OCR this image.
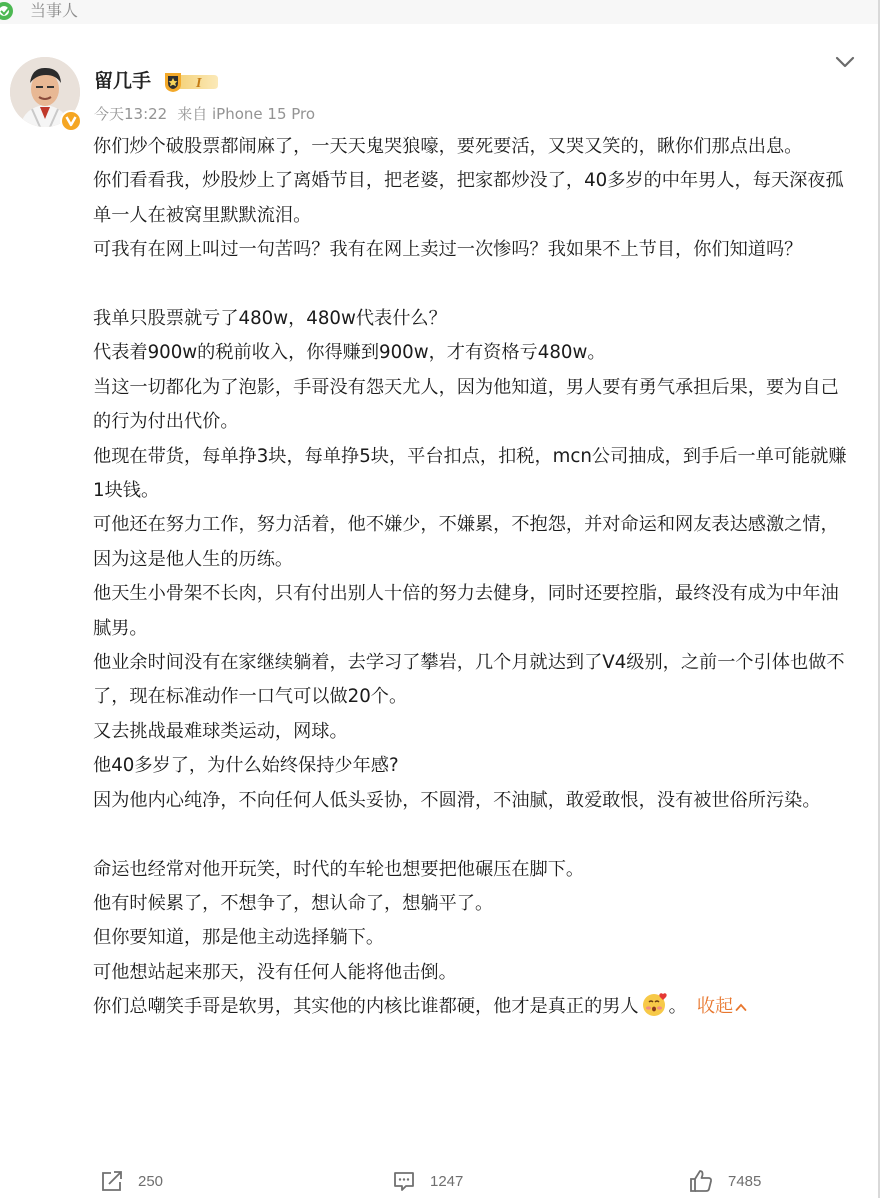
当事人
留几手	I
今天13:22 来自 iPhone 15 Pro

你们炒个破股票都闹麻了，一天天鬼哭狼嚎，要死要活，又哭又笑的，瞅你们那点出息。

你们看看我，炒股炒上了离婚节目，把老婆，把家都炒没了，40多岁的中年男人，每天深夜孤单一人在被窝里默默流泪。

可我有在网上叫过一句苦吗？我有在网上卖过一次惨吗？我如果不上节目，你们知道吗？

我单只股票就亏了480w，480w代表什么？

代表着900w的税前收入，你得赚到900w，才有资格亏480w。

当这一切都化为了泡影，手哥没有怨天尤人，因为他知道，男人要有勇气承担后果，要为自己的行为付出代价。

他现在带货，每单挣3块，每单挣5块，平台扣点，扣税，mcn公司抽成，到手后一单可能就赚1块钱。

可他还在努力工作，努力活着，他不嫌少，不嫌累，不抱怨，并对命运和网友表达感激之情，因为这是他人生的历练。

他天生小骨架不长肉，只有付出别人十倍的努力去健身，同时还要控脂，最终没有成为中年油腻男。

他业余时间没有在家继续躺着，去学习了攀岩，几个月就达到了V4级别，之前一个引体也做不了，现在标准动作一口气可以做20个。

又去挑战最难球类运动，网球。

他40多岁了，为什么始终保持少年感?

因为他内心纯净，不向任何人低头妥协，不圆滑，不油腻，敢爱敢恨，没有被世俗所污染。

命运也经常对他开玩笑，时代的车轮也想要把他碾压在脚下。

他有时候累了，不想争了，想认命了，想躺平了。

但你要知道，那是他主动选择躺下。

可他想站起来那天，没有任何人能将他击倒。

你们总嘲笑手哥是软男，其实他的内核比谁都硬，他才是真正的男人 。 收起

250	1247	7485
